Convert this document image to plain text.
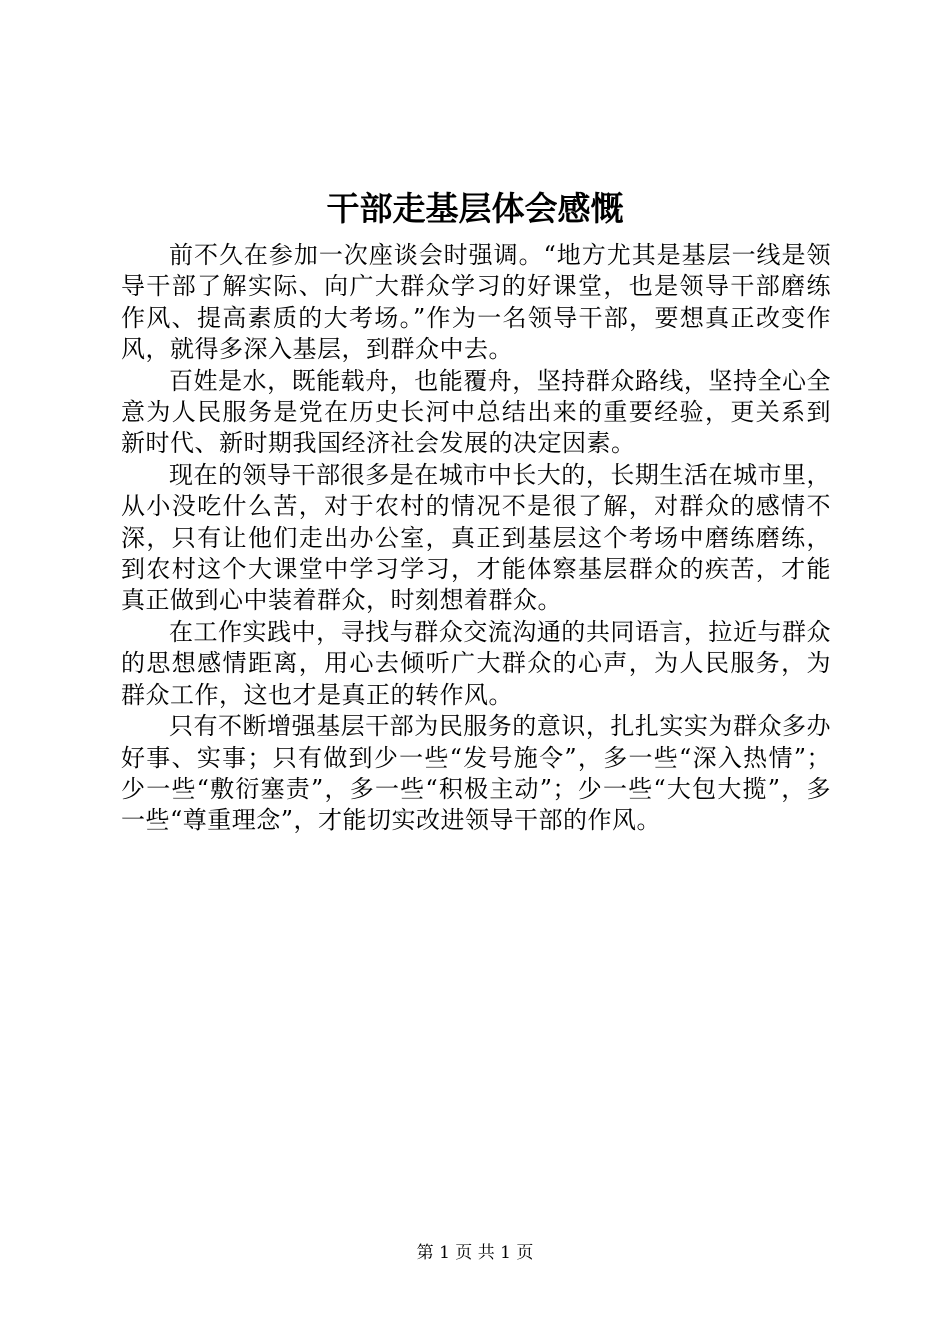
干部走基层体会感慨

前不久在参加一次座谈会时强调。“地方尤其是基层一线是领导干部了解实际、向广大群众学习的好课堂，也是领导干部磨练作风、提高素质的大考场。”作为一名领导干部，要想真正改变作风，就得多深入基层，到群众中去。

百姓是水，既能载舟，也能覆舟，坚持群众路线，坚持全心全意为人民服务是党在历史长河中总结出来的重要经验，更关系到新时代、新时期我国经济社会发展的决定因素。

现在的领导干部很多是在城市中长大的，长期生活在城市里，从小没吃什么苦，对于农村的情况不是很了解，对群众的感情不深，只有让他们走出办公室，真正到基层这个考场中磨练磨练，到农村这个大课堂中学习学习，才能体察基层群众的疾苦，才能真正做到心中装着群众，时刻想着群众。

在工作实践中，寻找与群众交流沟通的共同语言，拉近与群众的思想感情距离，用心去倾听广大群众的心声，为人民服务，为群众工作，这也才是真正的转作风。

只有不断增强基层干部为民服务的意识，扎扎实实为群众多办好事、实事；只有做到少一些“发号施令”，多一些“深入热情”；少一些“敷衍塞责”，多一些“积极主动”；少一些“大包大揽”，多一些“尊重理念”，才能切实改进领导干部的作风。

第 1 页 共 1 页
